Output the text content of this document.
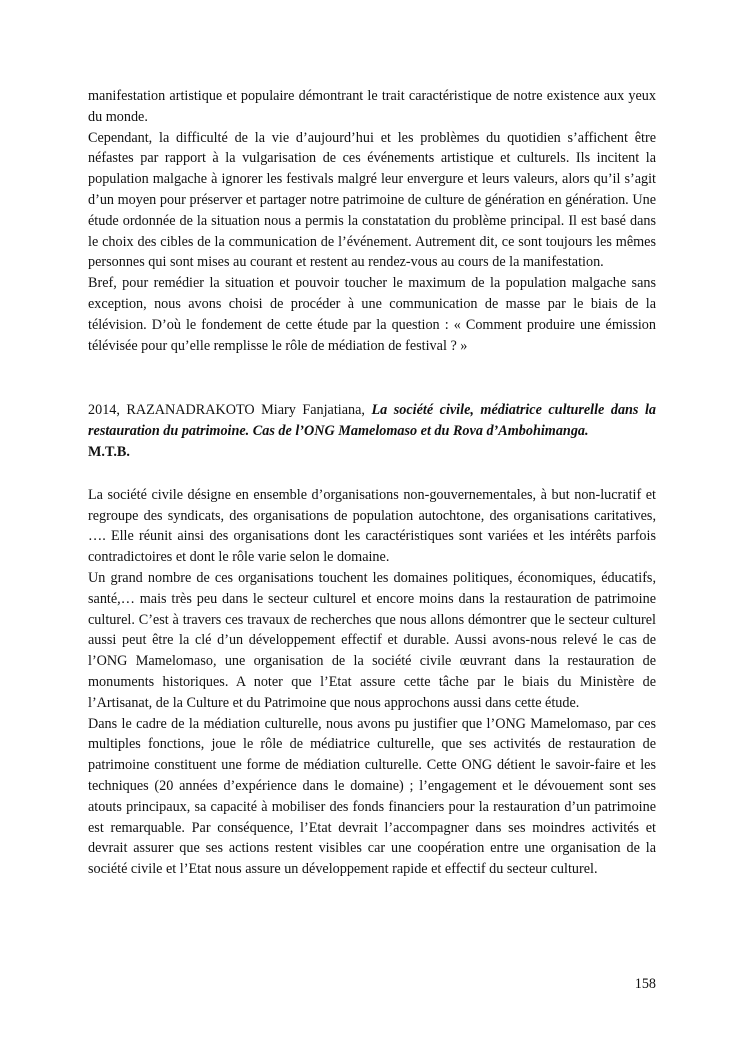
manifestation artistique et populaire démontrant le trait caractéristique de notre existence aux yeux du monde.

Cependant, la difficulté de la vie d’aujourd’hui et les problèmes du quotidien s’affichent être néfastes par rapport à la vulgarisation de ces événements artistique et culturels. Ils incitent la population malgache à ignorer les festivals malgré leur envergure et leurs valeurs, alors qu’il s’agit d’un moyen pour préserver et partager notre patrimoine de culture de génération en génération. Une étude ordonnée de la situation nous a permis la constatation du problème principal. Il est basé dans le choix des cibles de la communication de l’événement. Autrement dit, ce sont toujours les mêmes personnes qui sont mises au courant et restent au rendez-vous au cours de la manifestation.

Bref, pour remédier la situation et pouvoir toucher le maximum de la population malgache sans exception, nous avons choisi de procéder à une communication de masse par le biais de la télévision. D’où le fondement de cette étude par la question : « Comment produire une émission télévisée pour qu’elle remplisse le rôle de médiation de festival ? »

2014, RAZANADRAKOTO Miary Fanjatiana, La société civile, médiatrice culturelle dans la restauration du patrimoine. Cas de l’ONG Mamelomaso et du Rova d’Ambohimanga.

M.T.B.

La société civile désigne en ensemble d’organisations non-gouvernementales, à but non-lucratif et regroupe des syndicats, des organisations de population autochtone, des organisations caritatives, …. Elle réunit ainsi des organisations dont les caractéristiques sont variées et les intérêts parfois contradictoires et dont le rôle varie selon le domaine.

Un grand nombre de ces organisations touchent les domaines politiques, économiques, éducatifs, santé,… mais très peu dans le secteur culturel et encore moins dans la restauration de patrimoine culturel. C’est à travers ces travaux de recherches que nous allons démontrer que le secteur culturel aussi peut être la clé d’un développement effectif et durable. Aussi avons-nous relevé le cas de l’ONG Mamelomaso, une organisation de la société civile œuvrant dans la restauration de monuments historiques. A noter que l’Etat assure cette tâche par le biais du Ministère de l’Artisanat, de la Culture et du Patrimoine que nous approchons aussi dans cette étude.

Dans le cadre de la médiation culturelle, nous avons pu justifier que l’ONG Mamelomaso, par ces multiples fonctions, joue le rôle de médiatrice culturelle, que ses activités de restauration de patrimoine constituent une forme de médiation culturelle. Cette ONG détient le savoir-faire et les techniques (20 années d’expérience dans le domaine) ; l’engagement et le dévouement sont ses atouts principaux, sa capacité à mobiliser des fonds financiers pour la restauration d’un patrimoine est remarquable. Par conséquence, l’Etat devrait l’accompagner dans ses moindres activités et devrait assurer que ses actions restent visibles car une coopération entre une organisation de la société civile et l’Etat nous assure un développement rapide et effectif du secteur culturel.

158
